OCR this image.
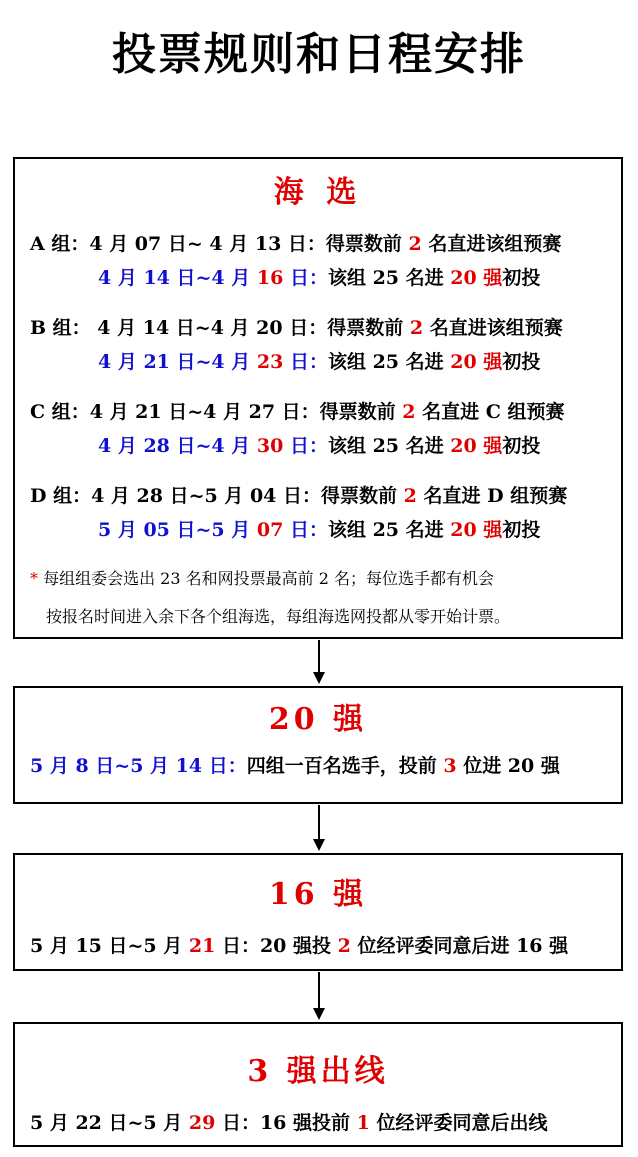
投票规则和日程安排
海 选
A 组：4 月 07 日~ 4 月 13 日：得票数前 2 名直进该组预赛
4 月 14 日~4 月 16 日：该组 25 名进 20 强初投
B 组： 4 月 14 日~4 月 20 日：得票数前 2 名直进该组预赛
4 月 21 日~4 月 23 日：该组 25 名进 20 强初投
C 组：4 月 21 日~4 月 27 日：得票数前 2 名直进 C 组预赛
4 月 28 日~4 月 30 日：该组 25 名进 20 强初投
D 组：4 月 28 日~5 月 04 日：得票数前 2 名直进 D 组预赛
5 月 05 日~5 月 07 日：该组 25 名进 20 强初投
* 每组组委会选出 23 名和网投票最高前 2 名；每位选手都有机会
按报名时间进入余下各个组海选，每组海选网投都从零开始计票。
20 强
5 月 8 日~5 月 14 日：四组一百名选手，投前 3 位进 20 强
16 强
5 月 15 日~5 月 21 日：20 强投 2 位经评委同意后进 16 强
3 强出线
5 月 22 日~5 月 29 日：16 强投前 1 位经评委同意后出线
